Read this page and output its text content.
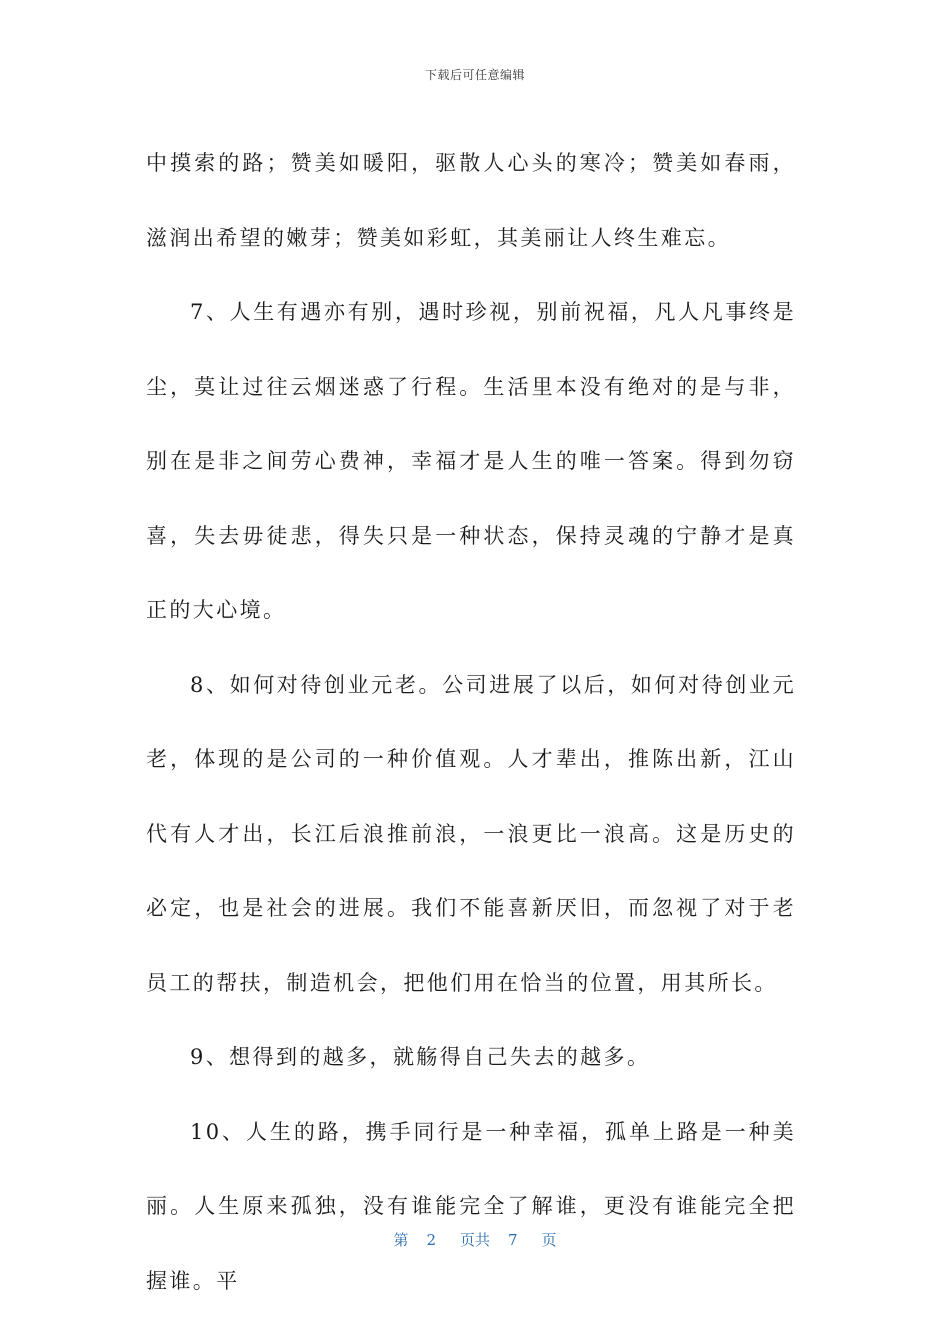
下载后可任意编辑

中摸索的路；赞美如暖阳，驱散人心头的寒冷；赞美如春雨，滋润出希望的嫩芽；赞美如彩虹，其美丽让人终生难忘。

7、人生有遇亦有别，遇时珍视，别前祝福，凡人凡事终是尘，莫让过往云烟迷惑了行程。生活里本没有绝对的是与非，别在是非之间劳心费神，幸福才是人生的唯一答案。得到勿窃喜，失去毋徒悲，得失只是一种状态，保持灵魂的宁静才是真正的大心境。

8、如何对待创业元老。公司进展了以后，如何对待创业元老，体现的是公司的一种价值观。人才辈出，推陈出新，江山代有人才出，长江后浪推前浪，一浪更比一浪高。这是历史的必定，也是社会的进展。我们不能喜新厌旧，而忽视了对于老员工的帮扶，制造机会，把他们用在恰当的位置，用其所长。

9、想得到的越多，就觞得自己失去的越多。

10、人生的路，携手同行是一种幸福，孤单上路是一种美丽。人生原来孤独，没有谁能完全了解谁，更没有谁能完全把握谁。平

第 2 页共 7 页
